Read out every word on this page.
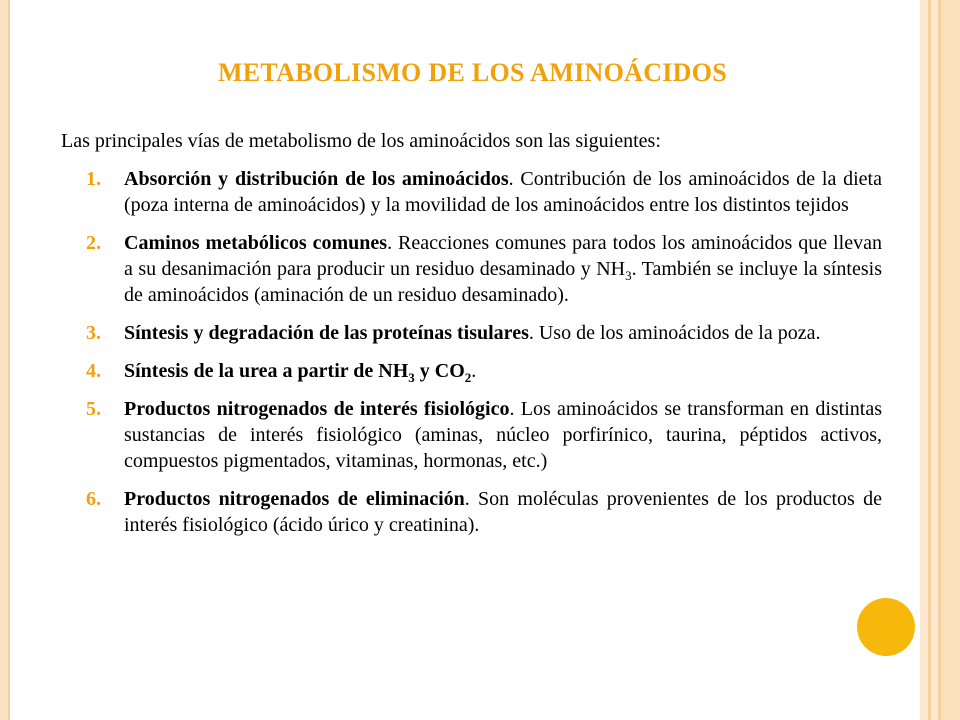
METABOLISMO DE LOS AMINOÁCIDOS
Las principales vías de metabolismo de los aminoácidos son las siguientes:
1. Absorción y distribución de los aminoácidos. Contribución de los aminoácidos de la dieta (poza interna de aminoácidos) y la movilidad de los aminoácidos entre los distintos tejidos
2. Caminos metabólicos comunes. Reacciones comunes para todos los aminoácidos que llevan a su desanimación para producir un residuo desaminado y $NH_3$. También se incluye la síntesis de aminoácidos (aminación de un residuo desaminado).
3. Síntesis y degradación de las proteínas tisulares. Uso de los aminoácidos de la poza.
4. Síntesis de la urea a partir de $NH_3$ y $CO_2$.
5. Productos nitrogenados de interés fisiológico. Los aminoácidos se transforman en distintas sustancias de interés fisiológico (aminas, núcleo porfirínico, taurina, péptidos activos, compuestos pigmentados, vitaminas, hormonas, etc.)
6. Productos nitrogenados de eliminación. Son moléculas provenientes de los productos de interés fisiológico (ácido úrico y creatinina).
